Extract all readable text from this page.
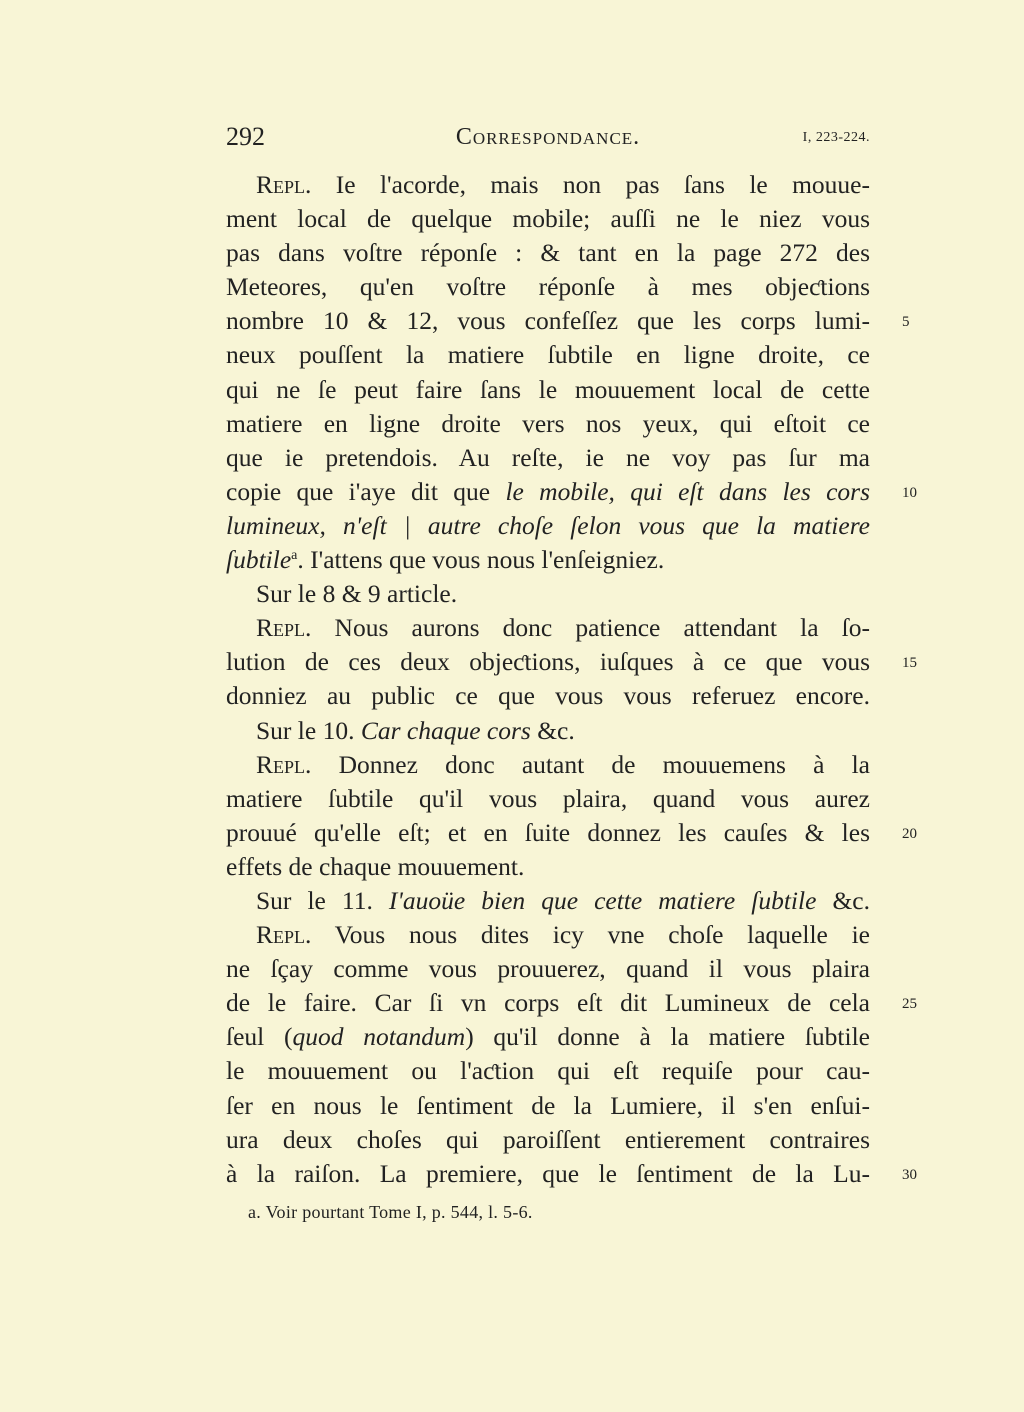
292	Correspondance.	I, 223-224.
Repl. Ie l'acorde, mais non pas ſans le mouue-
ment local de quelque mobile; auſſi ne le niez vous
pas dans voſtre réponſe : & tant en la page 272 des
Meteores, qu'en voſtre réponſe à mes objeƈtions
nombre 10 & 12, vous confeſſez que les corps lumi- 5
neux pouſſent la matiere ſubtile en ligne droite, ce
qui ne ſe peut faire ſans le mouuement local de cette
matiere en ligne droite vers nos yeux, qui eſtoit ce
que ie pretendois. Au reſte, ie ne voy pas ſur ma
copie que i'aye dit que le mobile, qui eſt dans les cors 10
lumineux, n'eſt | autre choſe ſelon vous que la matiere
ſubtile$^a$. I'attens que vous nous l'enſeigniez.
Sur le 8 & 9 article.
Repl. Nous aurons donc patience attendant la ſo-
lution de ces deux objeƈtions, iuſques à ce que vous 15
donniez au public ce que vous vous referuez encore.
Sur le 10. Car chaque cors &c.
Repl. Donnez donc autant de mouuemens à la
matiere ſubtile qu'il vous plaira, quand vous aurez
prouué qu'elle eſt; et en ſuite donnez les cauſes & les 20
effets de chaque mouuement.
Sur le 11. I'auoüe bien que cette matiere ſubtile &c.
Repl. Vous nous dites icy vne choſe laquelle ie
ne ſçay comme vous prouuerez, quand il vous plaira
de le faire. Car ſi vn corps eſt dit Lumineux de cela 25
ſeul (quod notandum) qu'il donne à la matiere ſubtile
le mouuement ou l'aƈtion qui eſt requiſe pour cau-
ſer en nous le ſentiment de la Lumiere, il s'en enſui-
ura deux choſes qui paroiſſent entierement contraires
à la raiſon. La premiere, que le ſentiment de la Lu- 30
a. Voir pourtant Tome I, p. 544, l. 5-6.
